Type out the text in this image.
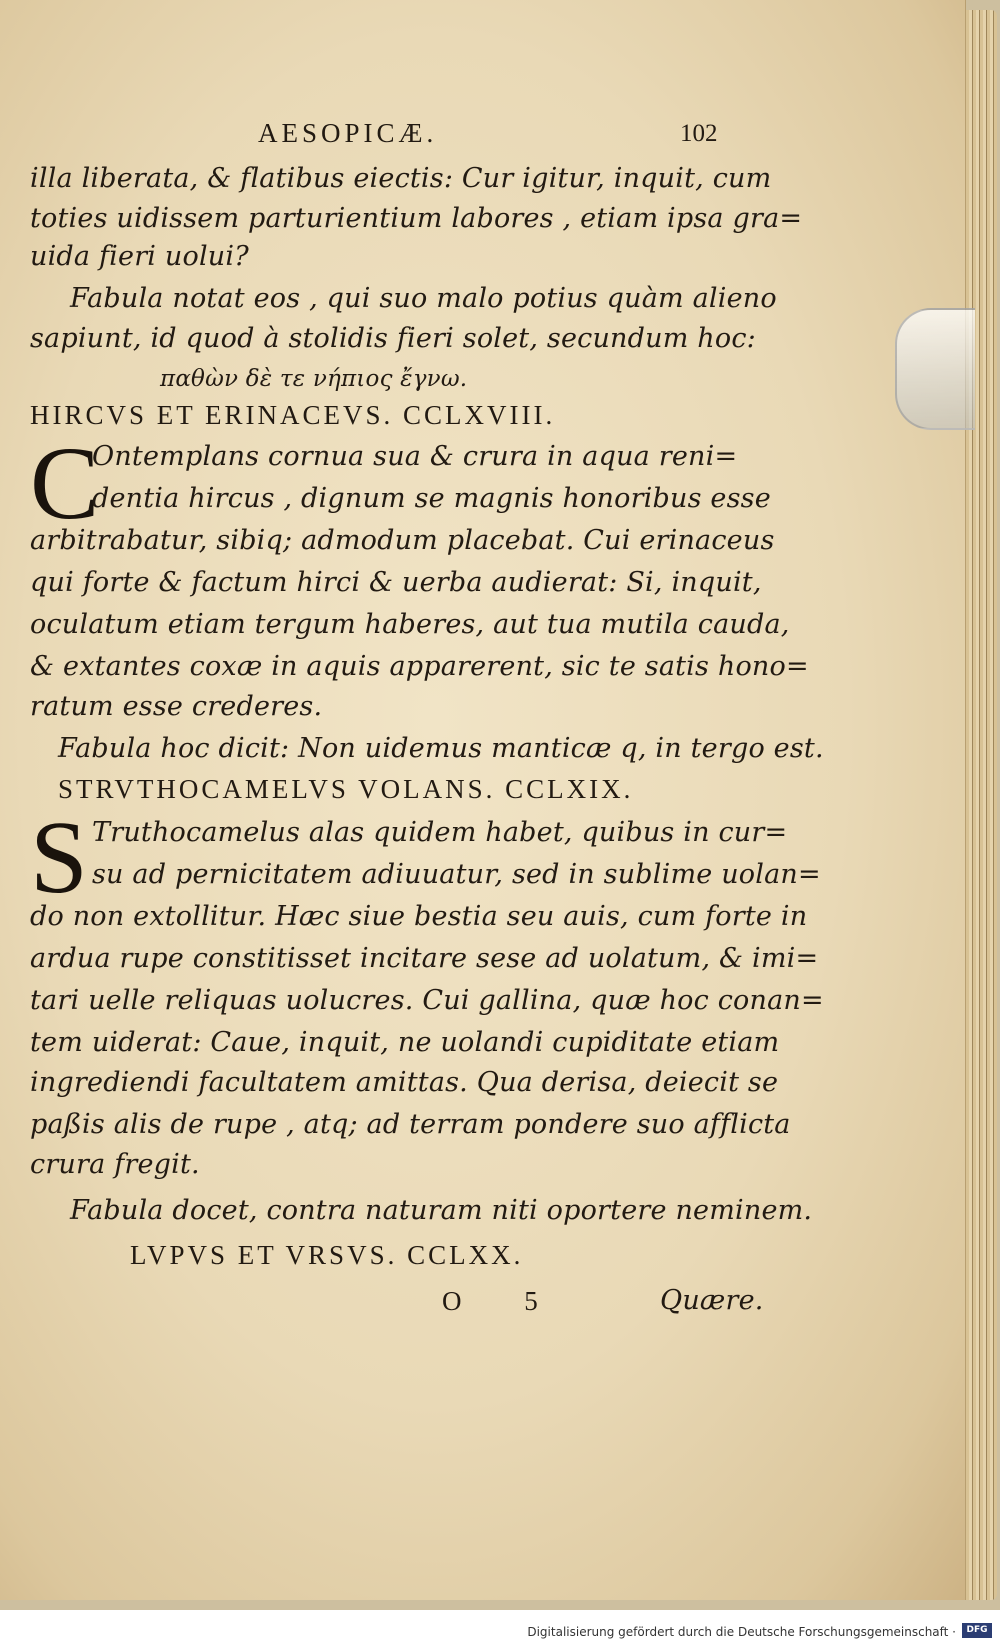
AESOPICÆ.	102
illa liberata, & flatibus eiectis: Cur igitur, inquit, cum
toties uidissem parturientium labores , etiam ipsa gra=
uida fieri uolui?
Fabula notat eos , qui suo malo potius quàm alieno
sapiunt, id quod à stolidis fieri solet, secundum hoc:
παθὼν δὲ τε νήπιος ἔγνω.
HIRCVS ET ERINACEVS. CCLXVIII.
C
Ontemplans cornua sua & crura in aqua reni=
dentia hircus , dignum se magnis honoribus esse
arbitrabatur, sibiq; admodum placebat. Cui erinaceus
qui forte & factum hirci & uerba audierat: Si, inquit,
oculatum etiam tergum haberes, aut tua mutila cauda,
& extantes coxæ in aquis apparerent, sic te satis hono=
ratum esse crederes.
Fabula hoc dicit: Non uidemus manticæ q, in tergo est.
STRVTHOCAMELVS VOLANS. CCLXIX.
S Truthocamelus alas quidem habet, quibus in cur=
su ad pernicitatem adiuuatur, sed in sublime uolan=
do non extollitur. Hæc siue bestia seu auis, cum forte in
ardua rupe constitisset incitare sese ad uolatum, & imi=
tari uelle reliquas uolucres. Cui gallina, quæ hoc conan=
tem uiderat: Caue, inquit, ne uolandi cupiditate etiam
ingrediendi facultatem amittas. Qua derisa, deiecit se
paßis alis de rupe , atq; ad terram pondere suo afflicta
crura fregit.
Fabula docet, contra naturam niti oportere neminem.
LVPVS ET VRSVS. CCLXX.
O 5	Quære.
Digitalisierung gefördert durch die Deutsche Forschungsgemeinschaft ·	DFG
